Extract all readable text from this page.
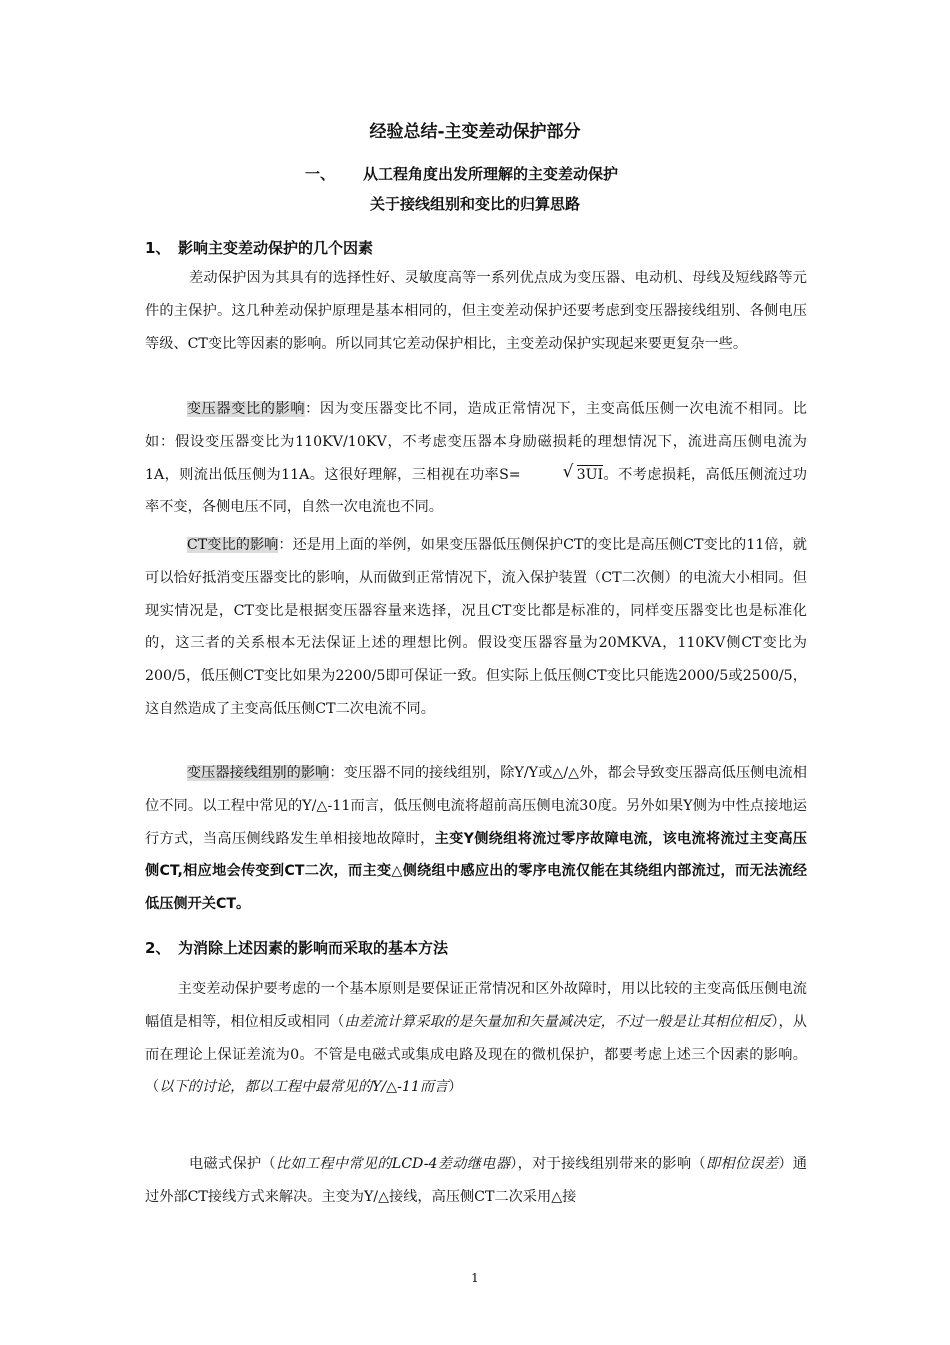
经验总结-主变差动保护部分
一、 从工程角度出发所理解的主变差动保护
关于接线组别和变比的归算思路
1、 影响主变差动保护的几个因素

差动保护因为其具有的选择性好、灵敏度高等一系列优点成为变压器、电动机、母线及短线路等元件的主保护。这几种差动保护原理是基本相同的，但主变差动保护还要考虑到变压器接线组别、各侧电压等级、CT变比等因素的影响。所以同其它差动保护相比，主变差动保护实现起来要更复杂一些。

变压器变比的影响：因为变压器变比不同，造成正常情况下，主变高低压侧一次电流不相同。比如：假设变压器变比为110KV/10KV，不考虑变压器本身励磁损耗的理想情况下，流进高压侧电流为1A，则流出低压侧为11A。这很好理解，三相视在功率S=√	3UI。不考虑损耗，高低压侧流过功率不变，各侧电压不同，自然一次电流也不同。

CT变比的影响：还是用上面的举例，如果变压器低压侧保护CT的变比是高压侧CT变比的11倍，就可以恰好抵消变压器变比的影响，从而做到正常情况下，流入保护装置（CT二次侧）的电流大小相同。但现实情况是，CT变比是根据变压器容量来选择，况且CT变比都是标准的，同样变压器变比也是标准化的，这三者的关系根本无法保证上述的理想比例。假设变压器容量为20MKVA，110KV侧CT变比为200/5，低压侧CT变比如果为2200/5即可保证一致。但实际上低压侧CT变比只能选2000/5或2500/5，这自然造成了主变高低压侧CT二次电流不同。

变压器接线组别的影响：变压器不同的接线组别，除Y/Y或△/△外，都会导致变压器高低压侧电流相位不同。以工程中常见的Y/△-11而言，低压侧电流将超前高压侧电流30度。另外如果Y侧为中性点接地运行方式，当高压侧线路发生单相接地故障时，主变Y侧绕组将流过零序故障电流，该电流将流过主变高压侧CT,相应地会传变到CT二次，而主变△侧绕组中感应出的零序电流仅能在其绕组内部流过，而无法流经低压侧开关CT。

2、 为消除上述因素的影响而采取的基本方法

主变差动保护要考虑的一个基本原则是要保证正常情况和区外故障时，用以比较的主变高低压侧电流幅值是相等，相位相反或相同（由差流计算采取的是矢量加和矢量减决定，不过一般是让其相位相反），从而在理论上保证差流为0。不管是电磁式或集成电路及现在的微机保护，都要考虑上述三个因素的影响。（以下的讨论，都以工程中最常见的Y/△-11而言）

电磁式保护（比如工程中常见的LCD-4差动继电器），对于接线组别带来的影响（即相位误差）通过外部CT接线方式来解决。主变为Y/△接线，高压侧CT二次采用△接

1
